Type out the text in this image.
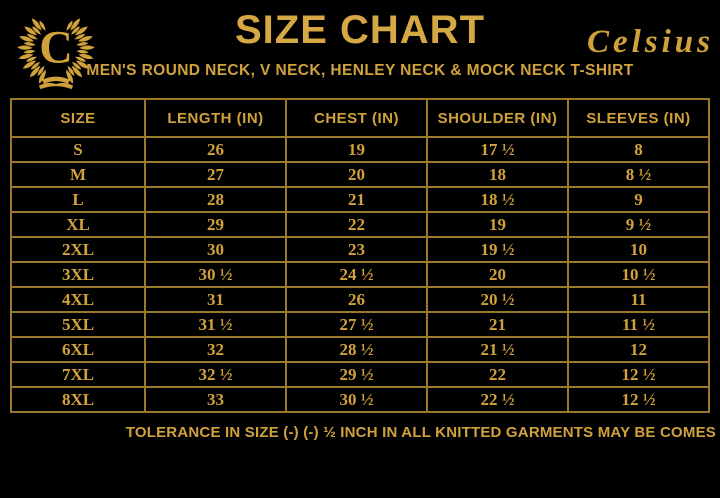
C	SIZE CHART	Celsius
MEN'S ROUND NECK, V NECK, HENLEY NECK & MOCK NECK T-SHIRT
SIZE	LENGTH (IN)	CHEST (IN)	SHOULDER (IN)	SLEEVES (IN)
S	26	19	17 ½	8
M	27	20	18	8 ½
L	28	21	18 ½	9
XL	29	22	19	9 ½
2XL	30	23	19 ½	10
3XL	30 ½	24 ½	20	10 ½
4XL	31	26	20 ½	11
5XL	31 ½	27 ½	21	11 ½
6XL	32	28 ½	21 ½	12
7XL	32 ½	29 ½	22	12 ½
8XL	33	30 ½	22 ½	12 ½
TOLERANCE IN SIZE (-) (-) ½ INCH IN ALL KNITTED GARMENTS MAY BE COMES
